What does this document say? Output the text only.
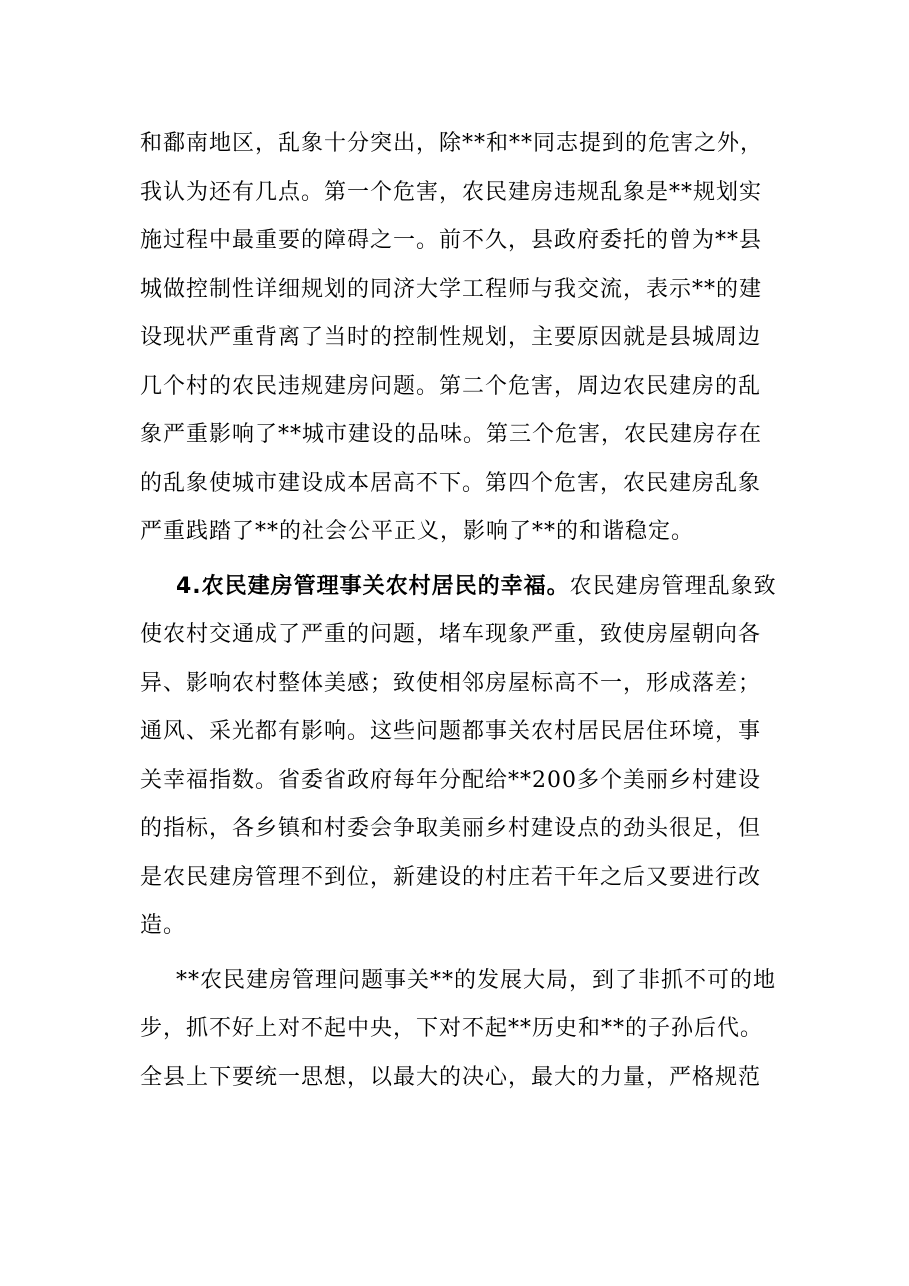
和鄱南地区，乱象十分突出，除**和**同志提到的危害之外，
我认为还有几点。第一个危害，农民建房违规乱象是**规划实
施过程中最重要的障碍之一。前不久，县政府委托的曾为**县
城做控制性详细规划的同济大学工程师与我交流，表示**的建
设现状严重背离了当时的控制性规划，主要原因就是县城周边
几个村的农民违规建房问题。第二个危害，周边农民建房的乱
象严重影响了**城市建设的品味。第三个危害，农民建房存在
的乱象使城市建设成本居高不下。第四个危害，农民建房乱象
严重践踏了**的社会公平正义，影响了**的和谐稳定。
4.农民建房管理事关农村居民的幸福。农民建房管理乱象致
使农村交通成了严重的问题，堵车现象严重，致使房屋朝向各
异、影响农村整体美感；致使相邻房屋标高不一，形成落差；
通风、采光都有影响。这些问题都事关农村居民居住环境，事
关幸福指数。省委省政府每年分配给**200多个美丽乡村建设
的指标，各乡镇和村委会争取美丽乡村建设点的劲头很足，但
是农民建房管理不到位，新建设的村庄若干年之后又要进行改
造。
**农民建房管理问题事关**的发展大局，到了非抓不可的地
步，抓不好上对不起中央，下对不起**历史和**的子孙后代。
全县上下要统一思想，以最大的决心，最大的力量，严格规范
